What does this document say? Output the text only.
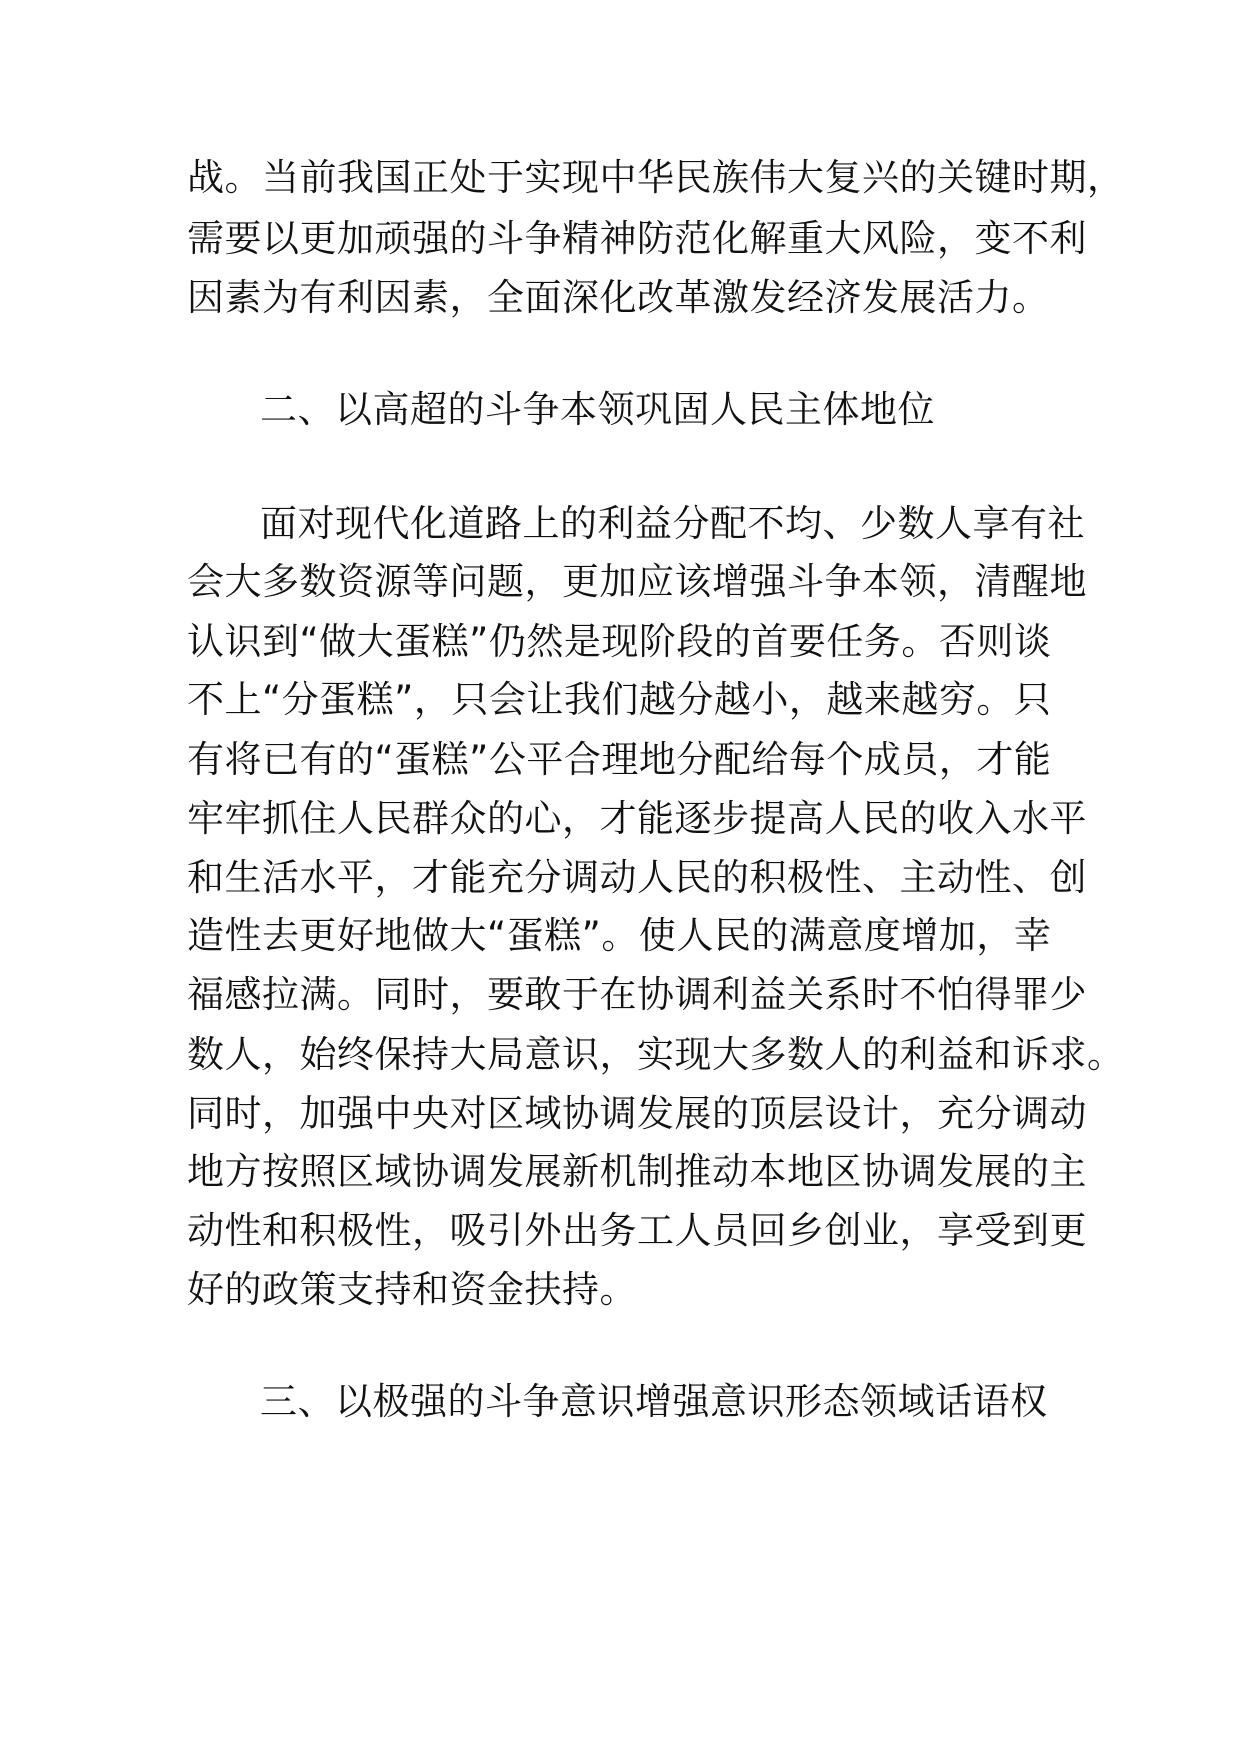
战。当前我国正处于实现中华民族伟大复兴的关键时期，
需要以更加顽强的斗争精神防范化解重大风险，变不利
因素为有利因素，全面深化改革激发经济发展活力。
二、以高超的斗争本领巩固人民主体地位
面对现代化道路上的利益分配不均、少数人享有社
会大多数资源等问题，更加应该增强斗争本领，清醒地
认识到“做大蛋糕”仍然是现阶段的首要任务。否则谈
不上“分蛋糕”，只会让我们越分越小，越来越穷。只
有将已有的“蛋糕”公平合理地分配给每个成员，才能
牢牢抓住人民群众的心，才能逐步提高人民的收入水平
和生活水平，才能充分调动人民的积极性、主动性、创
造性去更好地做大“蛋糕”。使人民的满意度增加，幸
福感拉满。同时，要敢于在协调利益关系时不怕得罪少
数人，始终保持大局意识，实现大多数人的利益和诉求。
同时，加强中央对区域协调发展的顶层设计，充分调动
地方按照区域协调发展新机制推动本地区协调发展的主
动性和积极性，吸引外出务工人员回乡创业，享受到更
好的政策支持和资金扶持。
三、以极强的斗争意识增强意识形态领域话语权
